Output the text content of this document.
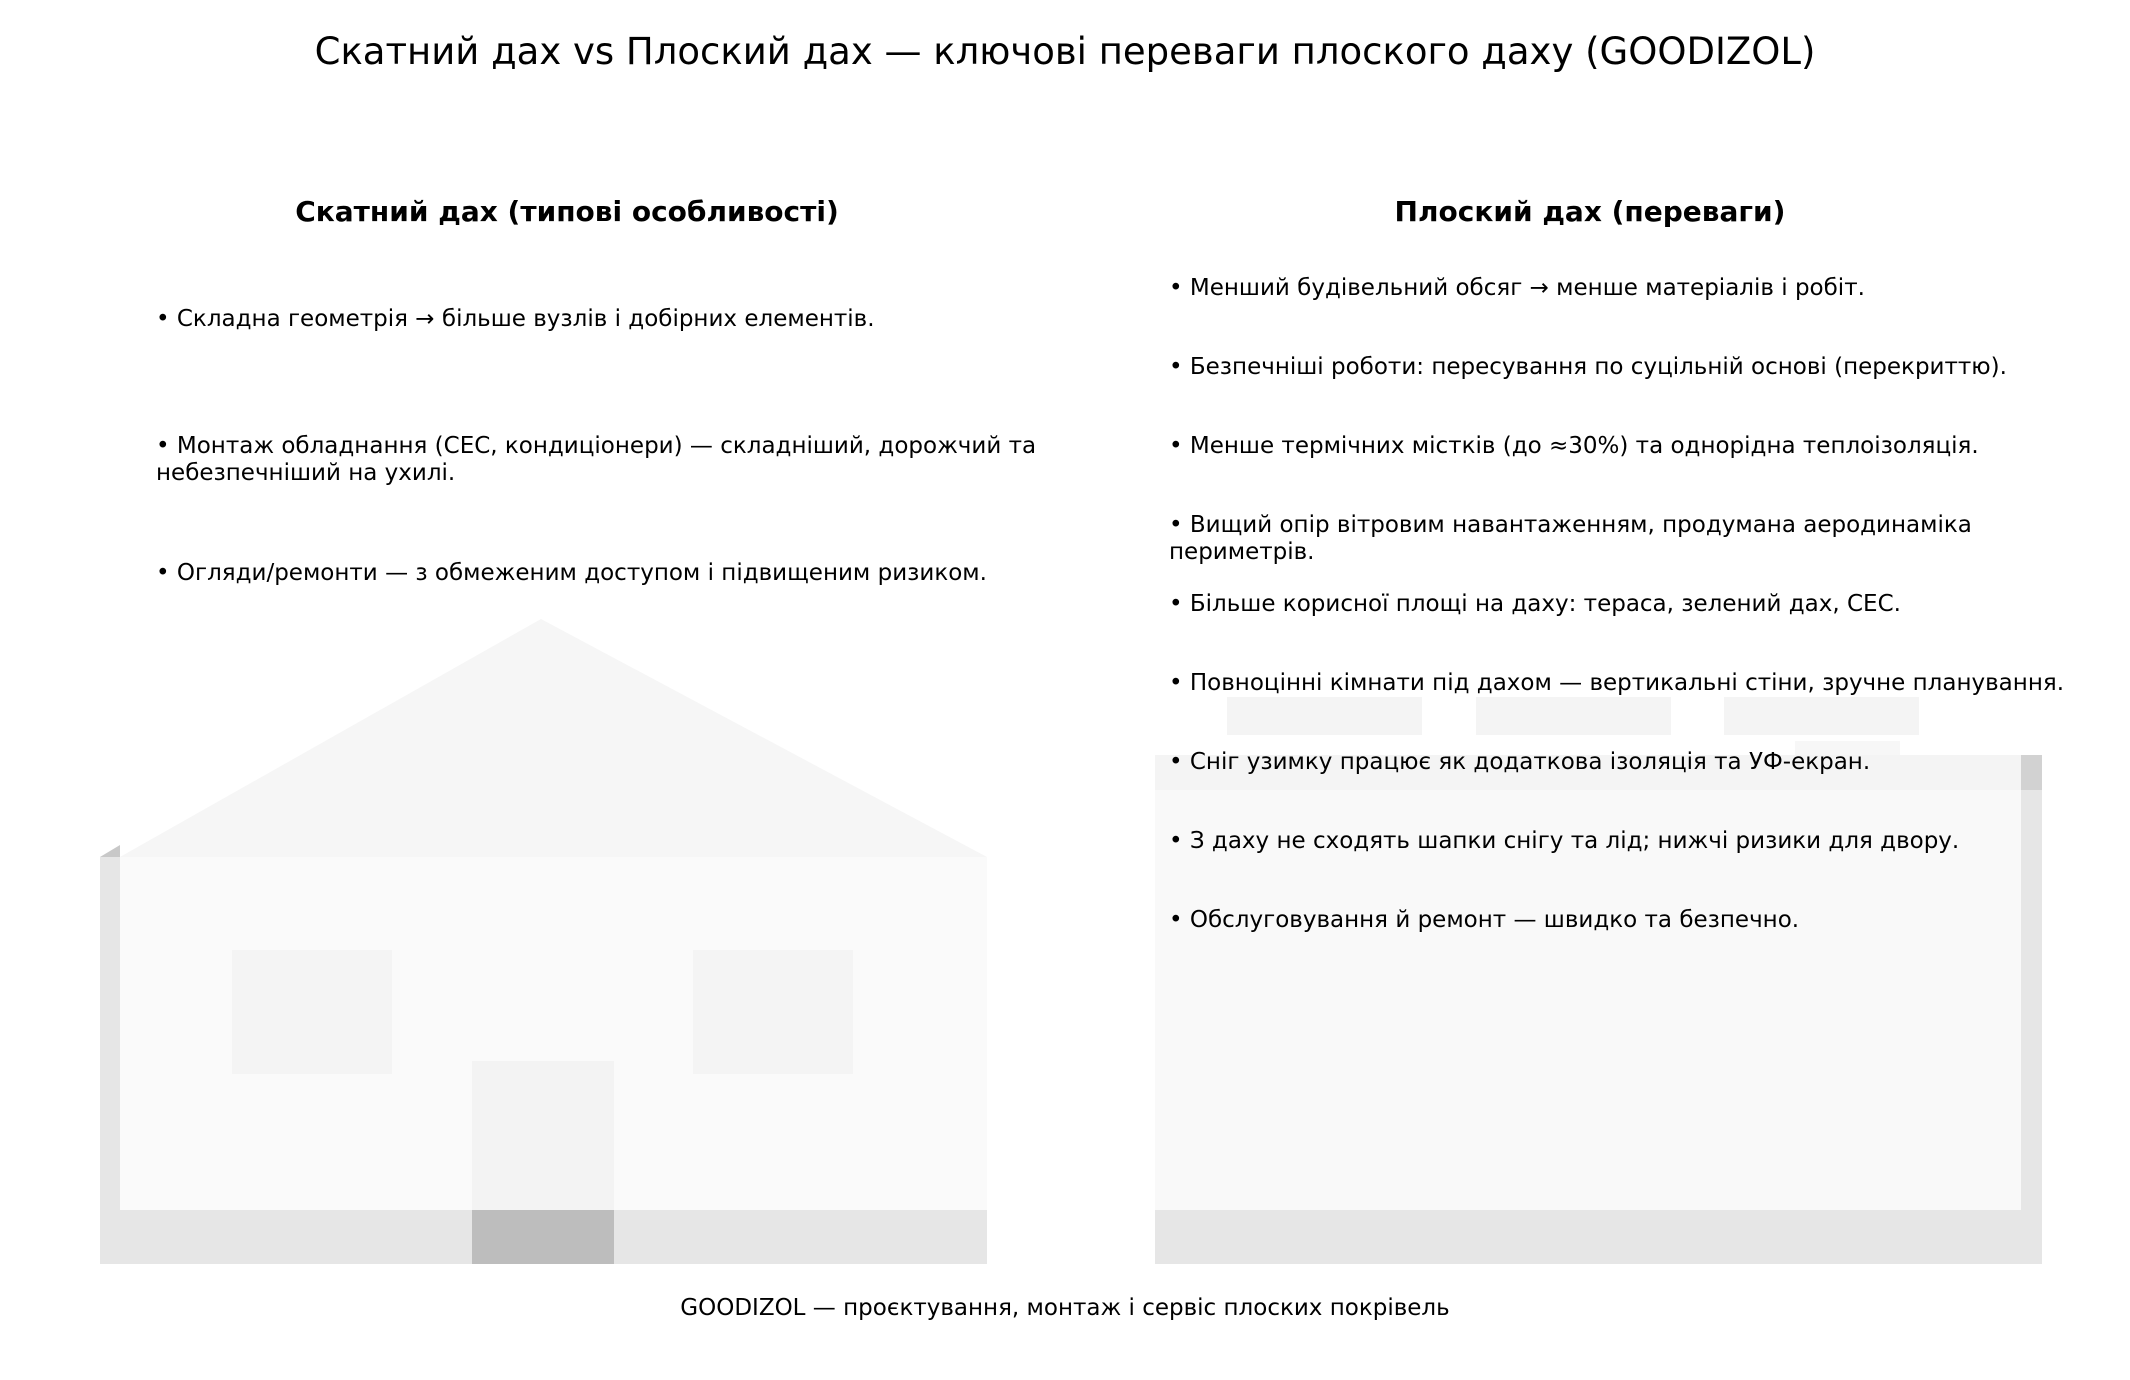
Скатний дах vs Плоский дах — ключові переваги плоского даху (GOODIZOL)
Скатний дах (типові особливості)
• Складна геометрія → більше вузлів і добірних елементів.
• Монтаж обладнання (СЕС, кондиціонери) — складніший, дорожчий та небезпечніший на ухилі.
• Огляди/ремонти — з обмеженим доступом і підвищеним ризиком.
Плоский дах (переваги)
• Менший будівельний обсяг → менше матеріалів і робіт.
• Безпечніші роботи: пересування по суцільній основі (перекриттю).
• Менше термічних містків (до ≈30%) та однорідна теплоізоляція.
• Вищий опір вітровим навантаженням, продумана аеродинаміка периметрів.
• Більше корисної площі на даху: тераса, зелений дах, СЕС.
• Повноцінні кімнати під дахом — вертикальні стіни, зручне планування.
• Сніг узимку працює як додаткова ізоляція та УФ-екран.
• З даху не сходять шапки снігу та лід; нижчі ризики для двору.
• Обслуговування й ремонт — швидко та безпечно.
GOODIZOL — проєктування, монтаж і сервіс плоских покрівель
